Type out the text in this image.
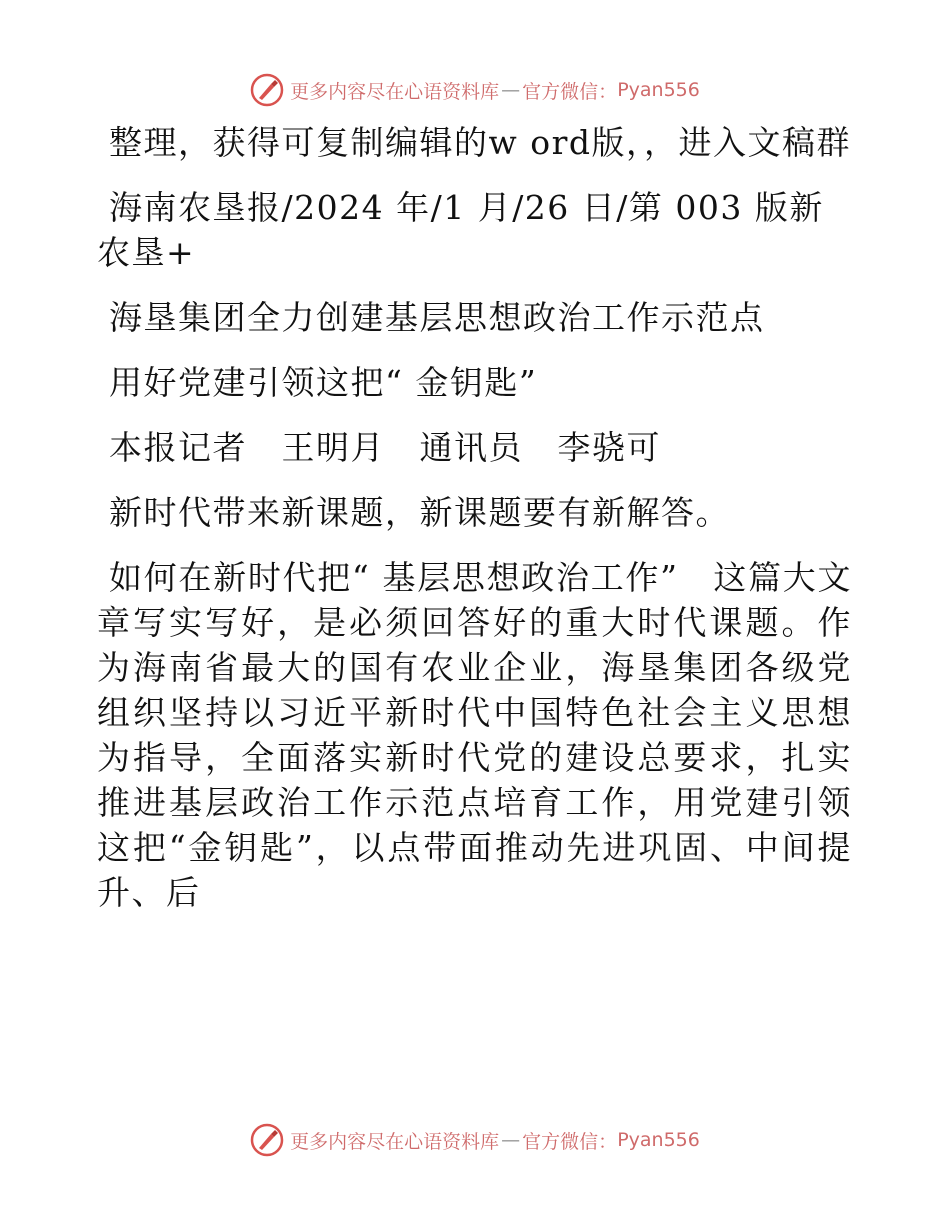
更多内容尽在心语资料库 — 官方微信： Pyan556

整理，获得可复制编辑的w ord版，，进入文稿群

海南农垦报/2024 年/1 月/26 日/第 003 版新农垦+

海垦集团全力创建基层思想政治工作示范点

用好党建引领这把“ 金钥匙”

本报记者　王明月　通讯员　李骁可

新时代带来新课题，新课题要有新解答。

如何在新时代把“ 基层思想政治工作”　这篇大文章写实写好，是必须回答好的重大时代课题。作为海南省最大的国有农业企业，海垦集团各级党组织坚持以习近平新时代中国特色社会主义思想为指导，全面落实新时代党的建设总要求，扎实推进基层政治工作示范点培育工作，用党建引领这把“金钥匙”，以点带面推动先进巩固、中间提升、后

更多内容尽在心语资料库 — 官方微信： Pyan556
